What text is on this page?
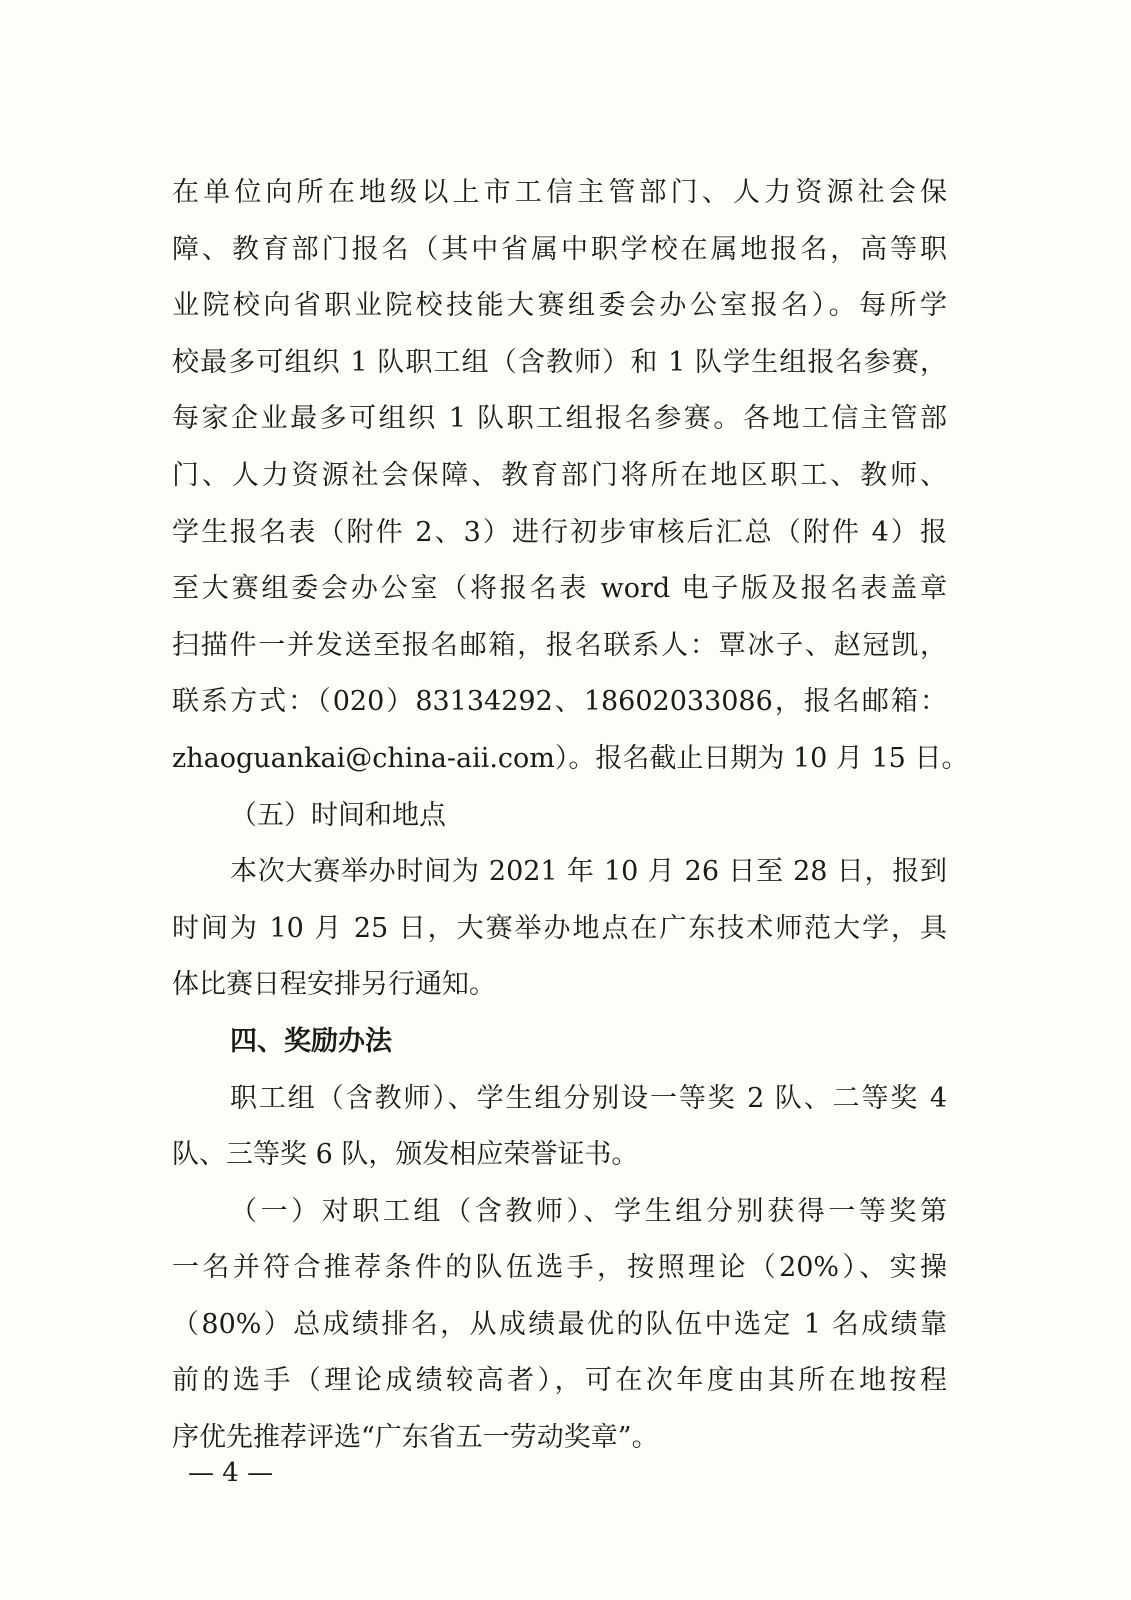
在单位向所在地级以上市工信主管部门、人力资源社会保
障、教育部门报名（其中省属中职学校在属地报名，高等职
业院校向省职业院校技能大赛组委会办公室报名）。每所学
校最多可组织 1 队职工组（含教师）和 1 队学生组报名参赛，
每家企业最多可组织 1 队职工组报名参赛。各地工信主管部
门、人力资源社会保障、教育部门将所在地区职工、教师、
学生报名表（附件 2、3）进行初步审核后汇总（附件 4）报
至大赛组委会办公室（将报名表 word 电子版及报名表盖章
扫描件一并发送至报名邮箱，报名联系人：覃冰子、赵冠凯，
联系方式：（020）83134292、18602033086，报名邮箱：
zhaoguankai@china-aii.com）。报名截止日期为 10 月 15 日。
（五）时间和地点
本次大赛举办时间为 2021 年 10 月 26 日至 28 日，报到
时间为 10 月 25 日，大赛举办地点在广东技术师范大学，具
体比赛日程安排另行通知。
四、奖励办法
职工组（含教师）、学生组分别设一等奖 2 队、二等奖 4
队、三等奖 6 队，颁发相应荣誉证书。
（一）对职工组（含教师）、学生组分别获得一等奖第
一名并符合推荐条件的队伍选手，按照理论（20%）、实操
（80%）总成绩排名，从成绩最优的队伍中选定 1 名成绩靠
前的选手（理论成绩较高者），可在次年度由其所在地按程
序优先推荐评选“广东省五一劳动奖章”。
— 4 —
